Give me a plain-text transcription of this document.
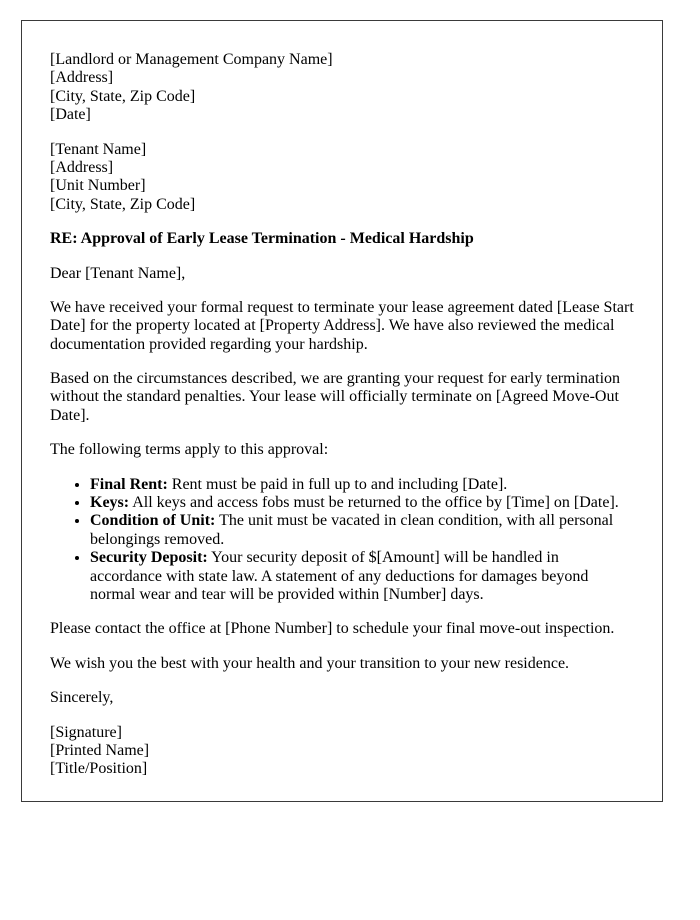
[Landlord or Management Company Name]
[Address]
[City, State, Zip Code]
[Date]
[Tenant Name]
[Address]
[Unit Number]
[City, State, Zip Code]

RE: Approval of Early Lease Termination - Medical Hardship

Dear [Tenant Name],

We have received your formal request to terminate your lease agreement dated [Lease Start Date] for the property located at [Property Address]. We have also reviewed the medical documentation provided regarding your hardship.

Based on the circumstances described, we are granting your request for early termination without the standard penalties. Your lease will officially terminate on [Agreed Move-Out Date].

The following terms apply to this approval:

• Final Rent: Rent must be paid in full up to and including [Date].
• Keys: All keys and access fobs must be returned to the office by [Time] on [Date].
• Condition of Unit: The unit must be vacated in clean condition, with all personal belongings removed.
• Security Deposit: Your security deposit of $[Amount] will be handled in accordance with state law. A statement of any deductions for damages beyond normal wear and tear will be provided within [Number] days.

Please contact the office at [Phone Number] to schedule your final move-out inspection.

We wish you the best with your health and your transition to your new residence.

Sincerely,

[Signature]
[Printed Name]
[Title/Position]
